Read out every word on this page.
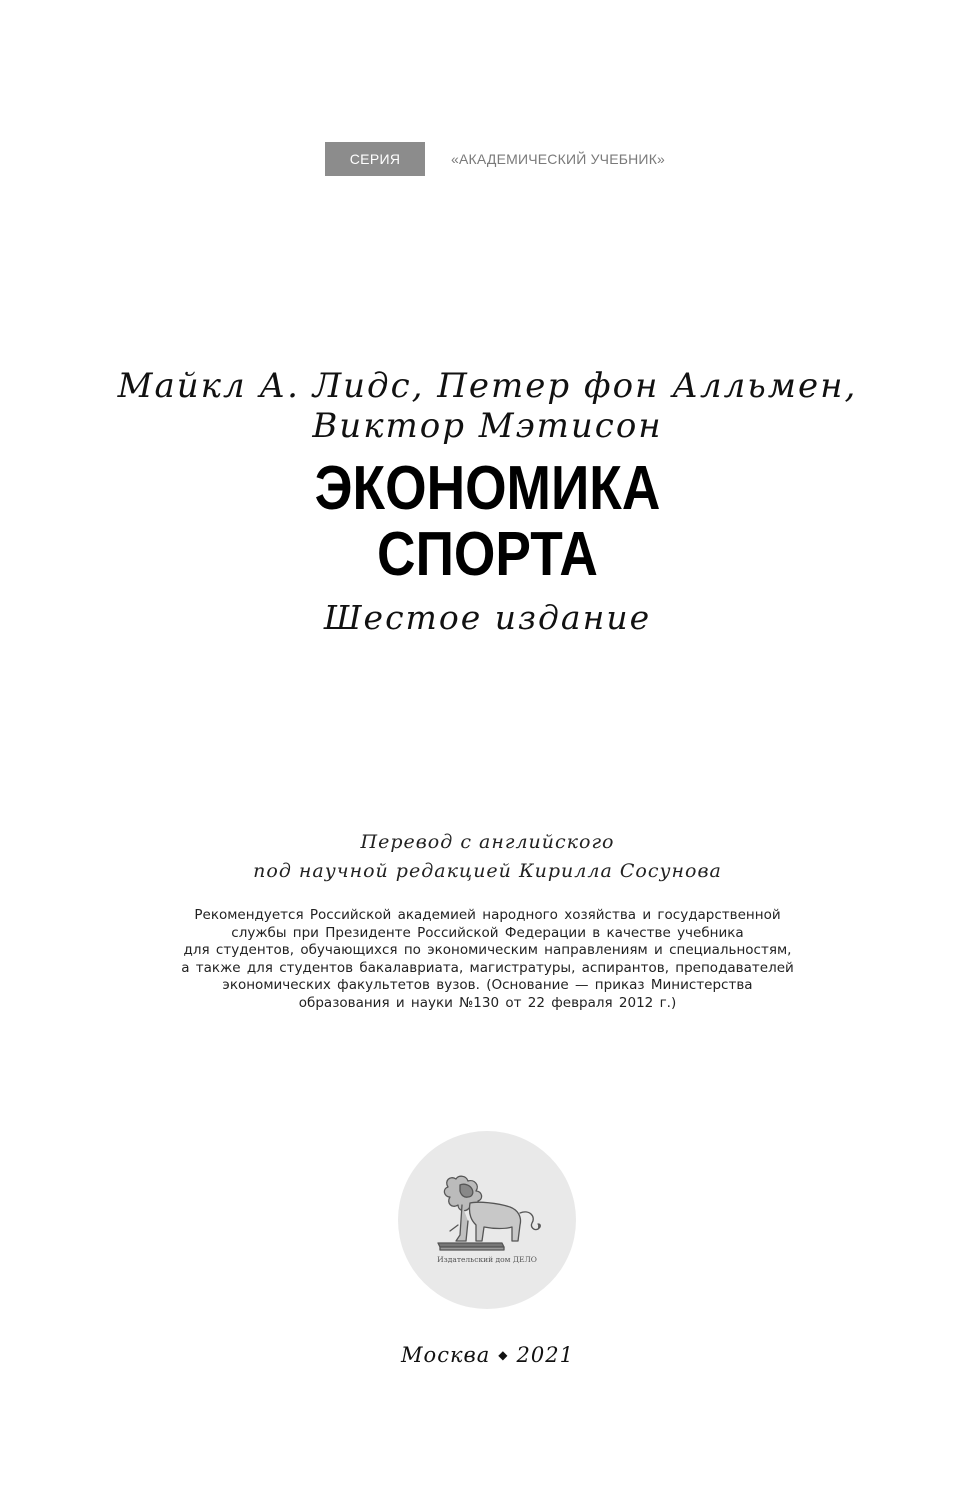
СЕРИЯ	«АКАДЕМИЧЕСКИЙ УЧЕБНИК»
Майкл А. Лидс, Петер фон Алльмен,
Виктор Мэтисон
ЭКОНОМИКА
СПОРТА
Шестое издание
Перевод с английского
под научной редакцией Кирилла Сосунова
Рекомендуется Российской академией народного хозяйства и государственной
службы при Президенте Российской Федерации в качестве учебника
для студентов, обучающихся по экономическим направлениям и специальностям,
а также для студентов бакалавриата, магистратуры, аспирантов, преподавателей
экономических факультетов вузов. (Основание — приказ Министерства
образования и науки №130 от 22 февраля 2012 г.)
Издательский дом ДЕЛО
Москва ◆ 2021
